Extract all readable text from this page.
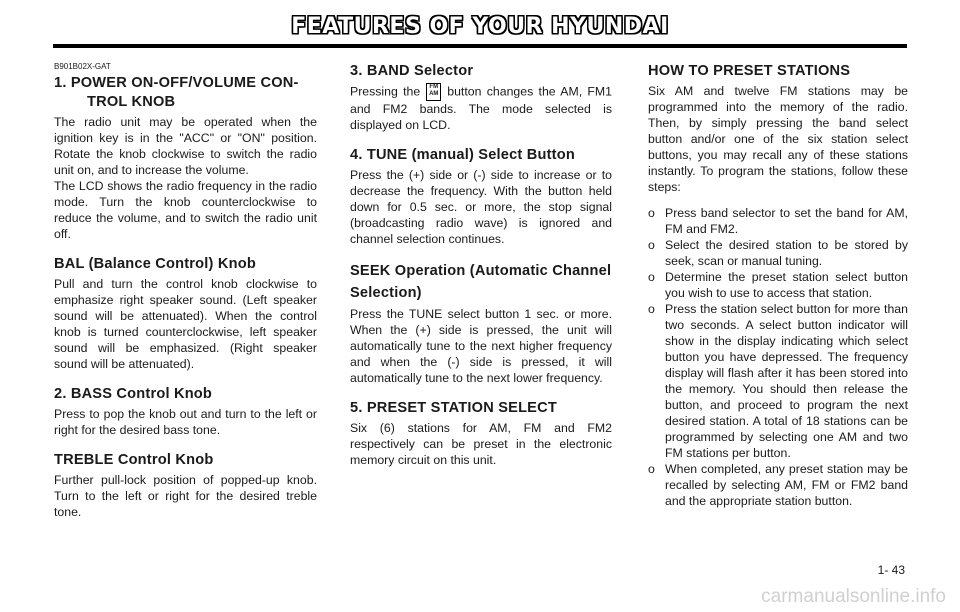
FEATURES OF YOUR HYUNDAI
B901B02X-GAT
1. POWER ON-OFF/VOLUME CON-
TROL KNOB

The radio unit may be operated when the ignition key is in the "ACC" or "ON" position. Rotate the knob clockwise to switch the radio unit on, and to increase the volume.

The LCD shows the radio frequency in the radio mode. Turn the knob counterclockwise to reduce the volume, and to switch the radio unit off.

BAL (Balance Control) Knob

Pull and turn the control knob clockwise to emphasize right speaker sound. (Left speaker sound will be attenuated). When the control knob is turned counterclockwise, left speaker sound will be emphasized. (Right speaker sound will be attenuated).

2. BASS Control Knob

Press to pop the knob out and turn to the left or right for the desired bass tone.

TREBLE Control Knob

Further pull-lock position of popped-up knob. Turn to the left or right for the desired treble tone.

3. BAND Selector

Pressing the FM
AM button changes the AM, FM1 and FM2 bands. The mode selected is displayed on LCD.

4. TUNE (manual) Select Button

Press the (+) side or (-) side to increase or to decrease the frequency. With the button held down for 0.5 sec. or more, the stop signal (broadcasting radio wave) is ignored and channel selection continues.

SEEK Operation (Automatic Channel Selection)

Press the TUNE select button 1 sec. or more. When the (+) side is pressed, the unit will automatically tune to the next higher frequency and when the (-) side is pressed, it will automatically tune to the next lower frequency.

5. PRESET STATION SELECT

Six (6) stations for AM, FM and FM2 respectively can be preset in the electronic memory circuit on this unit.

HOW TO PRESET STATIONS

Six AM and twelve FM stations may be programmed into the memory of the radio. Then, by simply pressing the band select button and/or one of the six station select buttons, you may recall any of these stations instantly. To program the stations, follow these steps:

o Press band selector to set the band for AM, FM and FM2.
o Select the desired station to be stored by seek, scan or manual tuning.
o Determine the preset station select button you wish to use to access that station.
o Press the station select button for more than two seconds. A select button indicator will show in the display indicating which select button you have depressed. The frequency display will flash after it has been stored into the memory. You should then release the button, and proceed to program the next desired station. A total of 18 stations can be programmed by selecting one AM and two FM stations per button.
o When completed, any preset station may be recalled by selecting AM, FM or FM2 band and the appropriate station button.
1- 43
carmanualsonline.info
